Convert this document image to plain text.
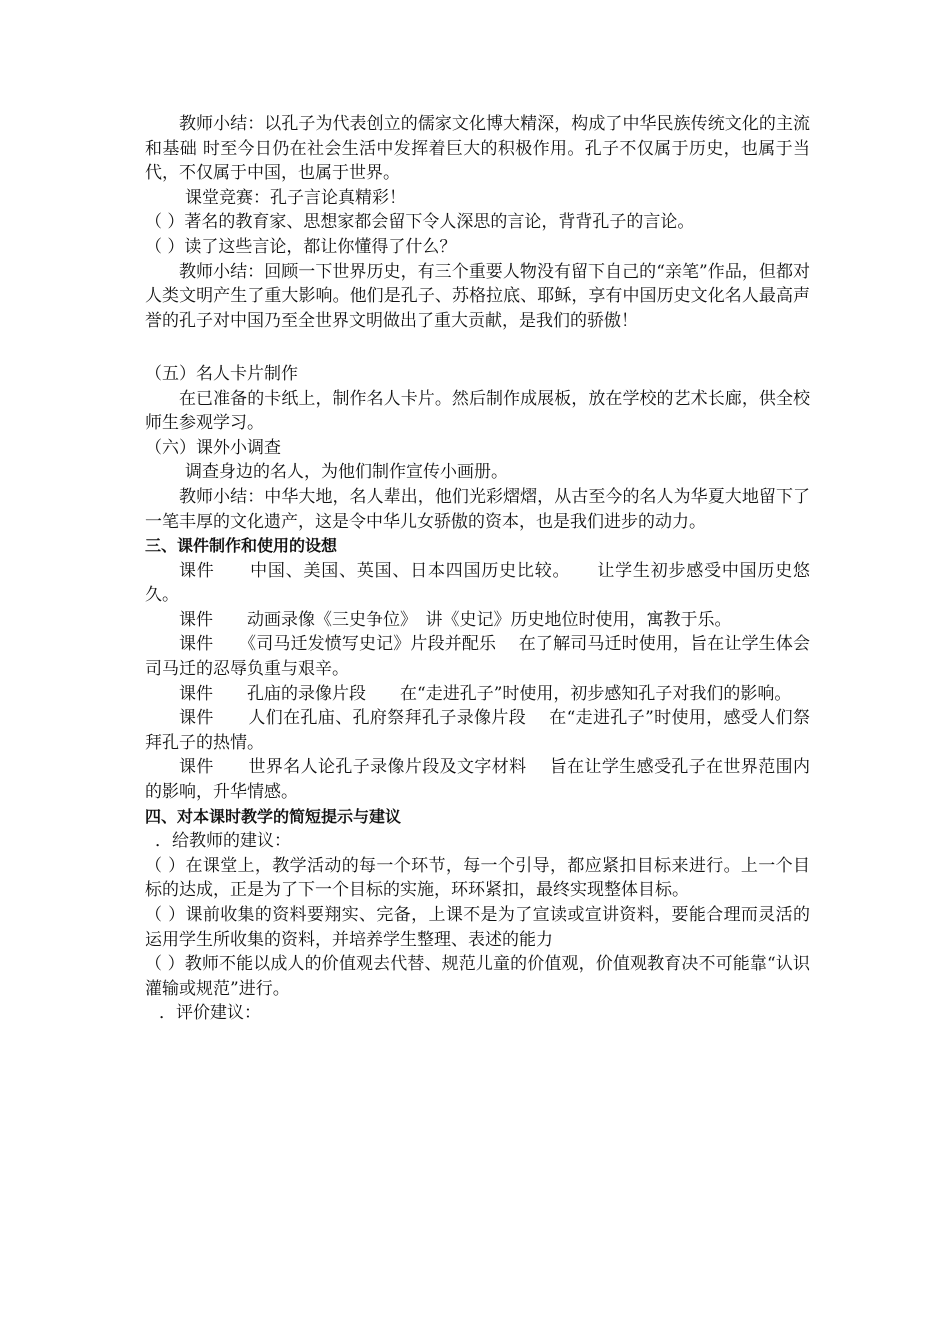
教师小结：以孔子为代表创立的儒家文化博大精深，构成了中华民族传统文化的主流和基础 时至今日仍在社会生活中发挥着巨大的积极作用。孔子不仅属于历史，也属于当代，不仅属于中国，也属于世界。

课堂竞赛：孔子言论真精彩！

（ ）著名的教育家、思想家都会留下令人深思的言论，背背孔子的言论。

（ ）读了这些言论，都让你懂得了什么？

教师小结：回顾一下世界历史，有三个重要人物没有留下自己的“亲笔”作品，但都对人类文明产生了重大影响。他们是孔子、苏格拉底、耶稣，享有中国历史文化名人最高声誉的孔子对中国乃至全世界文明做出了重大贡献，是我们的骄傲！

（五）名人卡片制作

在已准备的卡纸上，制作名人卡片。然后制作成展板，放在学校的艺术长廊，供全校师生参观学习。

（六）课外小调查

调查身边的名人，为他们制作宣传小画册。

教师小结：中华大地，名人辈出，他们光彩熠熠，从古至今的名人为华夏大地留下了一笔丰厚的文化遗产，这是令中华儿女骄傲的资本，也是我们进步的动力。

三、课件制作和使用的设想

课件　　中国、美国、英国、日本四国历史比较。　　让学生初步感受中国历史悠久。

课件　　动画录像《三史争位》　讲《史记》历史地位时使用，寓教于乐。

课件　　《司马迁发愤写史记》片段并配乐　 在了解司马迁时使用，旨在让学生体会司马迁的忍辱负重与艰辛。

课件　　孔庙的录像片段　　在“走进孔子”时使用，初步感知孔子对我们的影响。

课件　　人们在孔庙、孔府祭拜孔子录像片段　 在“走进孔子”时使用，感受人们祭拜孔子的热情。

课件　　世界名人论孔子录像片段及文字材料　 旨在让学生感受孔子在世界范围内的影响，升华情感。

四、对本课时教学的简短提示与建议

．给教师的建议：

（ ）在课堂上，教学活动的每一个环节，每一个引导，都应紧扣目标来进行。上一个目标的达成，正是为了下一个目标的实施，环环紧扣，最终实现整体目标。

（ ）课前收集的资料要翔实、完备，上课不是为了宣读或宣讲资料，要能合理而灵活的运用学生所收集的资料，并培养学生整理、表述的能力

（ ）教师不能以成人的价值观去代替、规范儿童的价值观，价值观教育决不可能靠“认识灌输或规范”进行。

．评价建议：
